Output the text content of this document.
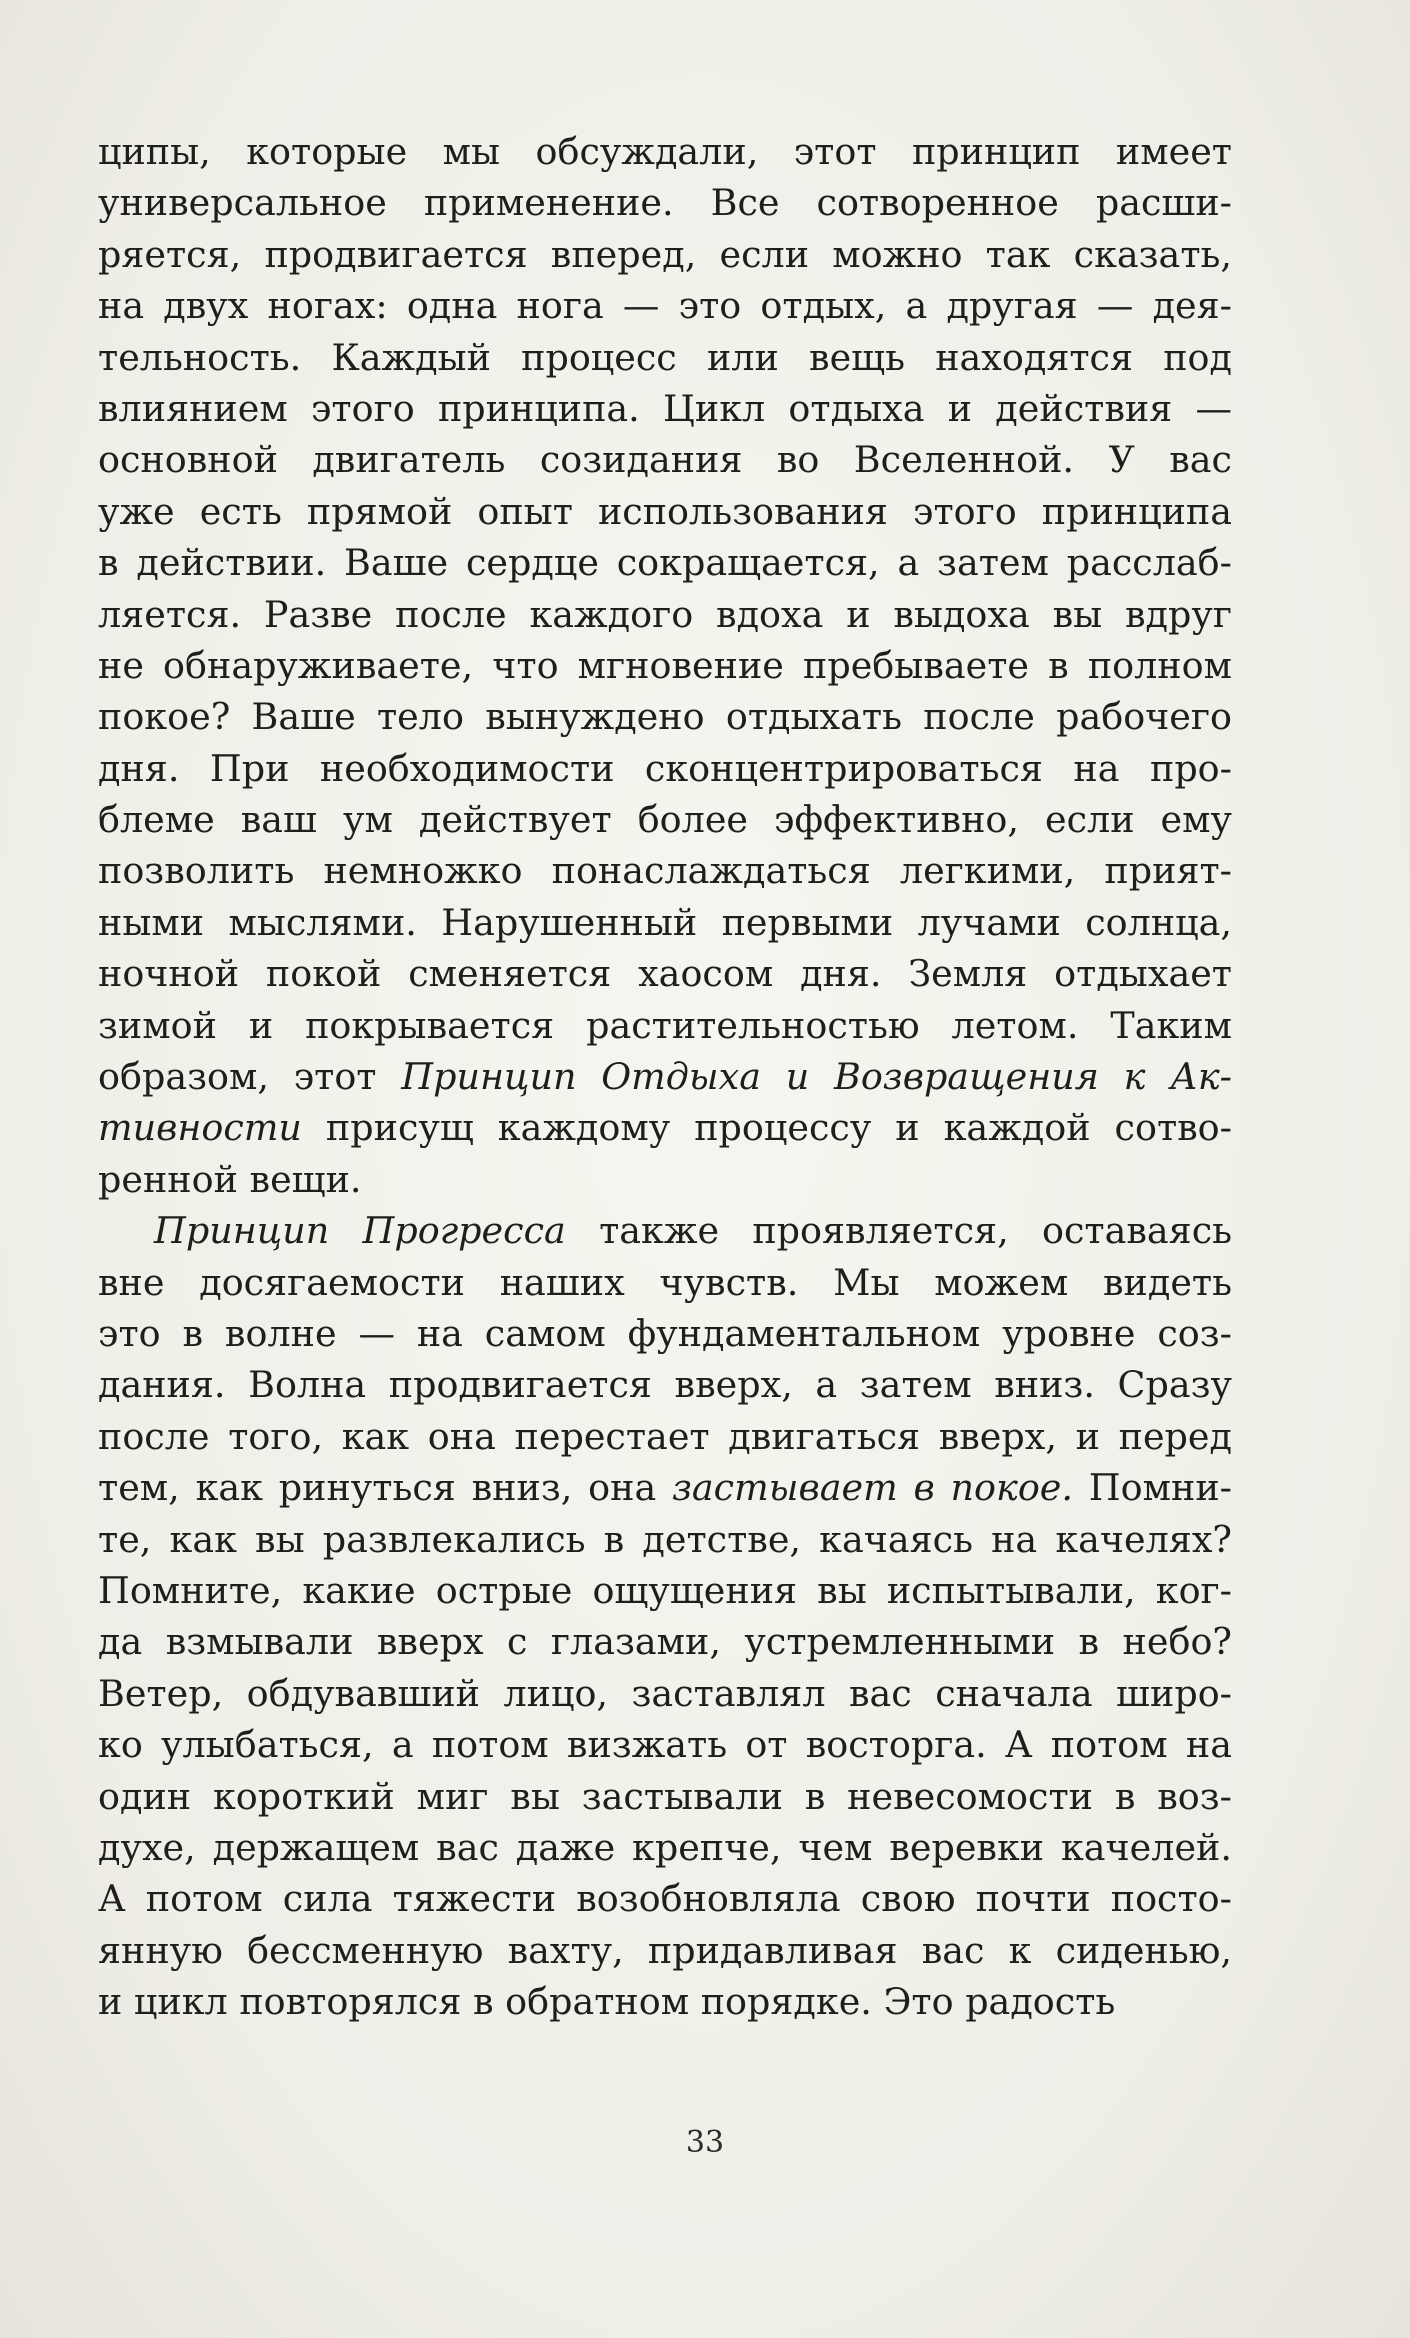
ципы, которые мы обсуждали, этот принцип имеет
универсальное применение. Все сотворенное расши-
ряется, продвигается вперед, если можно так сказать,
на двух ногах: одна нога — это отдых, а другая — дея-
тельность. Каждый процесс или вещь находятся под
влиянием этого принципа. Цикл отдыха и действия —
основной двигатель созидания во Вселенной. У вас
уже есть прямой опыт использования этого принципа
в действии. Ваше сердце сокращается, а затем расслаб-
ляется. Разве после каждого вдоха и выдоха вы вдруг
не обнаруживаете, что мгновение пребываете в полном
покое? Ваше тело вынуждено отдыхать после рабочего
дня. При необходимости сконцентрироваться на про-
блеме ваш ум действует более эффективно, если ему
позволить немножко понаслаждаться легкими, прият-
ными мыслями. Нарушенный первыми лучами солнца,
ночной покой сменяется хаосом дня. Земля отдыхает
зимой и покрывается растительностью летом. Таким
образом, этот Принцип Отдыха и Возвращения к Ак-
тивности присущ каждому процессу и каждой сотво-
ренной вещи.
Принцип Прогресса также проявляется, оставаясь
вне досягаемости наших чувств. Мы можем видеть
это в волне — на самом фундаментальном уровне соз-
дания. Волна продвигается вверх, а затем вниз. Сразу
после того, как она перестает двигаться вверх, и перед
тем, как ринуться вниз, она застывает в покое. Помни-
те, как вы развлекались в детстве, качаясь на качелях?
Помните, какие острые ощущения вы испытывали, ког-
да взмывали вверх с глазами, устремленными в небо?
Ветер, обдувавший лицо, заставлял вас сначала широ-
ко улыбаться, а потом визжать от восторга. А потом на
один короткий миг вы застывали в невесомости в воз-
духе, держащем вас даже крепче, чем веревки качелей.
А потом сила тяжести возобновляла свою почти посто-
янную бессменную вахту, придавливая вас к сиденью,
и цикл повторялся в обратном порядке. Это радость
33
